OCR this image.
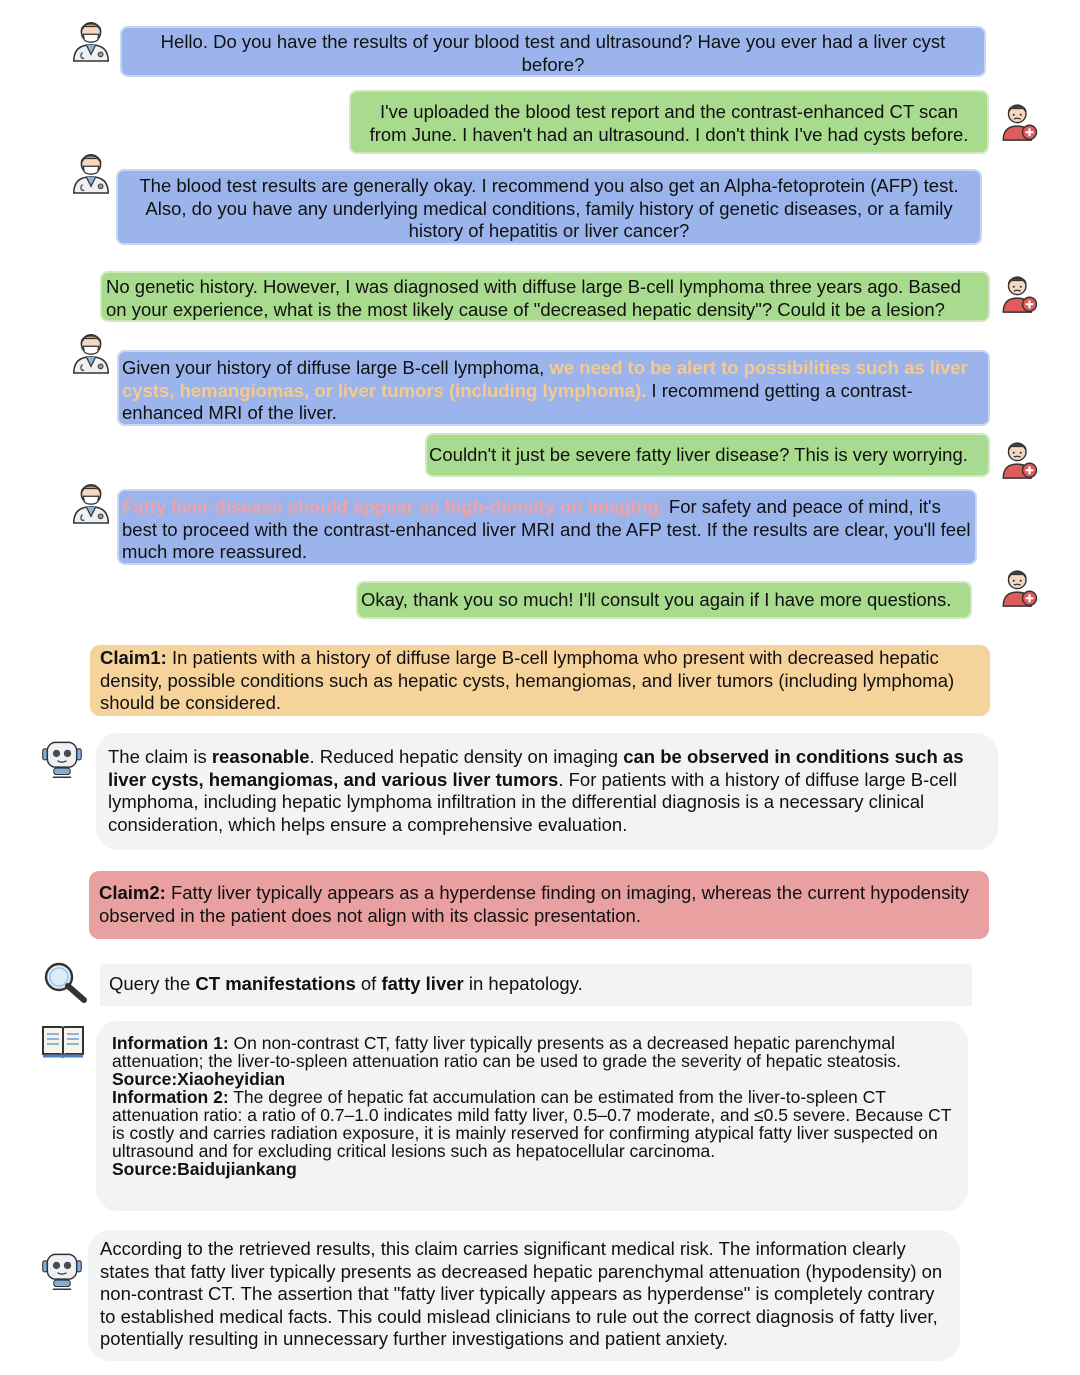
Hello. Do you have the results of your blood test and ultrasound? Have you ever had a liver cyst before?
I've uploaded the blood test report and the contrast-enhanced CT scan from June. I haven't had an ultrasound. I don't think I've had cysts before.
The blood test results are generally okay. I recommend you also get an Alpha-fetoprotein (AFP) test. Also, do you have any underlying medical conditions, family history of genetic diseases, or a family history of hepatitis or liver cancer?
No genetic history. However, I was diagnosed with diffuse large B-cell lymphoma three years ago. Based on your experience, what is the most likely cause of "decreased hepatic density"? Could it be a lesion?
Given your history of diffuse large B-cell lymphoma, we need to be alert to possibilities such as liver cysts, hemangiomas, or liver tumors (including lymphoma). I recommend getting a contrast-enhanced MRI of the liver.
Couldn't it just be severe fatty liver disease? This is very worrying.
Fatty liver disease should appear as high-density on imaging. For safety and peace of mind, it's best to proceed with the contrast-enhanced liver MRI and the AFP test. If the results are clear, you'll feel much more reassured.
Okay, thank you so much! I'll consult you again if I have more questions.
Claim1: In patients with a history of diffuse large B-cell lymphoma who present with decreased hepatic density, possible conditions such as hepatic cysts, hemangiomas, and liver tumors (including lymphoma) should be considered.
The claim is reasonable. Reduced hepatic density on imaging can be observed in conditions such as liver cysts, hemangiomas, and various liver tumors. For patients with a history of diffuse large B-cell lymphoma, including hepatic lymphoma infiltration in the differential diagnosis is a necessary clinical consideration, which helps ensure a comprehensive evaluation.
Claim2: Fatty liver typically appears as a hyperdense finding on imaging, whereas the current hypodensity observed in the patient does not align with its classic presentation.
Query the CT manifestations of fatty liver in hepatology.
Information 1: On non-contrast CT, fatty liver typically presents as a decreased hepatic parenchymal attenuation; the liver-to-spleen attenuation ratio can be used to grade the severity of hepatic steatosis.
Source:Xiaoheyidian
Information 2: The degree of hepatic fat accumulation can be estimated from the liver-to-spleen CT attenuation ratio: a ratio of 0.7–1.0 indicates mild fatty liver, 0.5–0.7 moderate, and ≤0.5 severe. Because CT is costly and carries radiation exposure, it is mainly reserved for confirming atypical fatty liver suspected on ultrasound and for excluding critical lesions such as hepatocellular carcinoma.
Source:Baidujiankang
According to the retrieved results, this claim carries significant medical risk. The information clearly states that fatty liver typically presents as decreased hepatic parenchymal attenuation (hypodensity) on non-contrast CT. The assertion that "fatty liver typically appears as hyperdense" is completely contrary to established medical facts. This could mislead clinicians to rule out the correct diagnosis of fatty liver, potentially resulting in unnecessary further investigations and patient anxiety.
